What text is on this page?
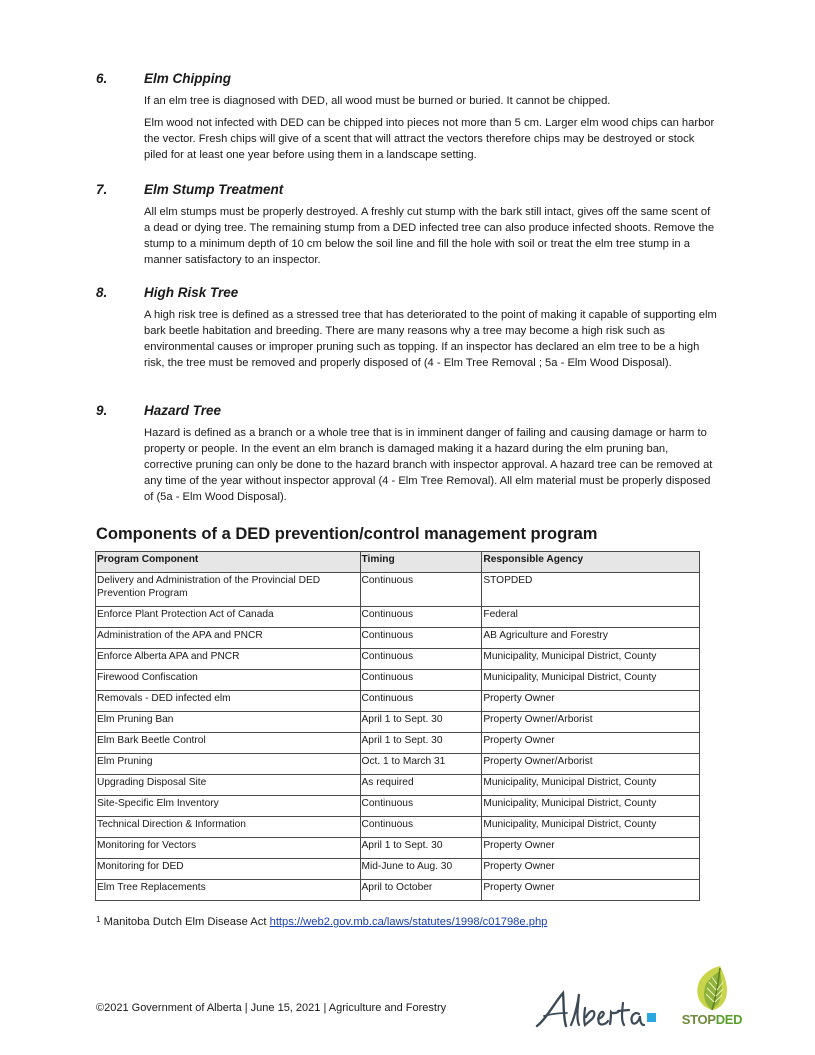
6.	Elm Chipping
If an elm tree is diagnosed with DED, all wood must be burned or buried. It cannot be chipped.
Elm wood not infected with DED can be chipped into pieces not more than 5 cm. Larger elm wood chips can harbor the vector. Fresh chips will give of a scent that will attract the vectors therefore chips may be destroyed or stock piled for at least one year before using them in a landscape setting.
7.	Elm Stump Treatment
All elm stumps must be properly destroyed. A freshly cut stump with the bark still intact, gives off the same scent of a dead or dying tree. The remaining stump from a DED infected tree can also produce infected shoots. Remove the stump to a minimum depth of 10 cm below the soil line and fill the hole with soil or treat the elm tree stump in a manner satisfactory to an inspector.
8.	High Risk Tree
A high risk tree is defined as a stressed tree that has deteriorated to the point of making it capable of supporting elm bark beetle habitation and breeding. There are many reasons why a tree may become a high risk such as environmental causes or improper pruning such as topping. If an inspector has declared an elm tree to be a high risk, the tree must be removed and properly disposed of (4 - Elm Tree Removal ; 5a - Elm Wood Disposal).
9.	Hazard Tree
Hazard is defined as a branch or a whole tree that is in imminent danger of failing and causing damage or harm to property or people. In the event an elm branch is damaged making it a hazard during the elm pruning ban, corrective pruning can only be done to the hazard branch with inspector approval. A hazard tree can be removed at any time of the year without inspector approval (4 - Elm Tree Removal). All elm material must be properly disposed of (5a - Elm Wood Disposal).
Components of a DED prevention/control management program
Program Component	Timing	Responsible Agency
Delivery and Administration of the Provincial DED Prevention Program	Continuous	STOPDED
Enforce Plant Protection Act of Canada	Continuous	Federal
Administration of the APA and PNCR	Continuous	AB Agriculture and Forestry
Enforce Alberta APA and PNCR	Continuous	Municipality, Municipal District, County
Firewood Confiscation	Continuous	Municipality, Municipal District, County
Removals - DED infected elm	Continuous	Property Owner
Elm Pruning Ban	April 1 to Sept. 30	Property Owner/Arborist
Elm Bark Beetle Control	April 1 to Sept. 30	Property Owner
Elm Pruning	Oct. 1 to March 31	Property Owner/Arborist
Upgrading Disposal Site	As required	Municipality, Municipal District, County
Site-Specific Elm Inventory	Continuous	Municipality, Municipal District, County
Technical Direction & Information	Continuous	Municipality, Municipal District, County
Monitoring for Vectors	April 1 to Sept. 30	Property Owner
Monitoring for DED	Mid-June to Aug. 30	Property Owner
Elm Tree Replacements	April to October	Property Owner
$^1$ Manitoba Dutch Elm Disease Act https://web2.gov.mb.ca/laws/statutes/1998/c01798e.php
©2021 Government of Alberta | June 15, 2021 | Agriculture and Forestry
STOPDED
